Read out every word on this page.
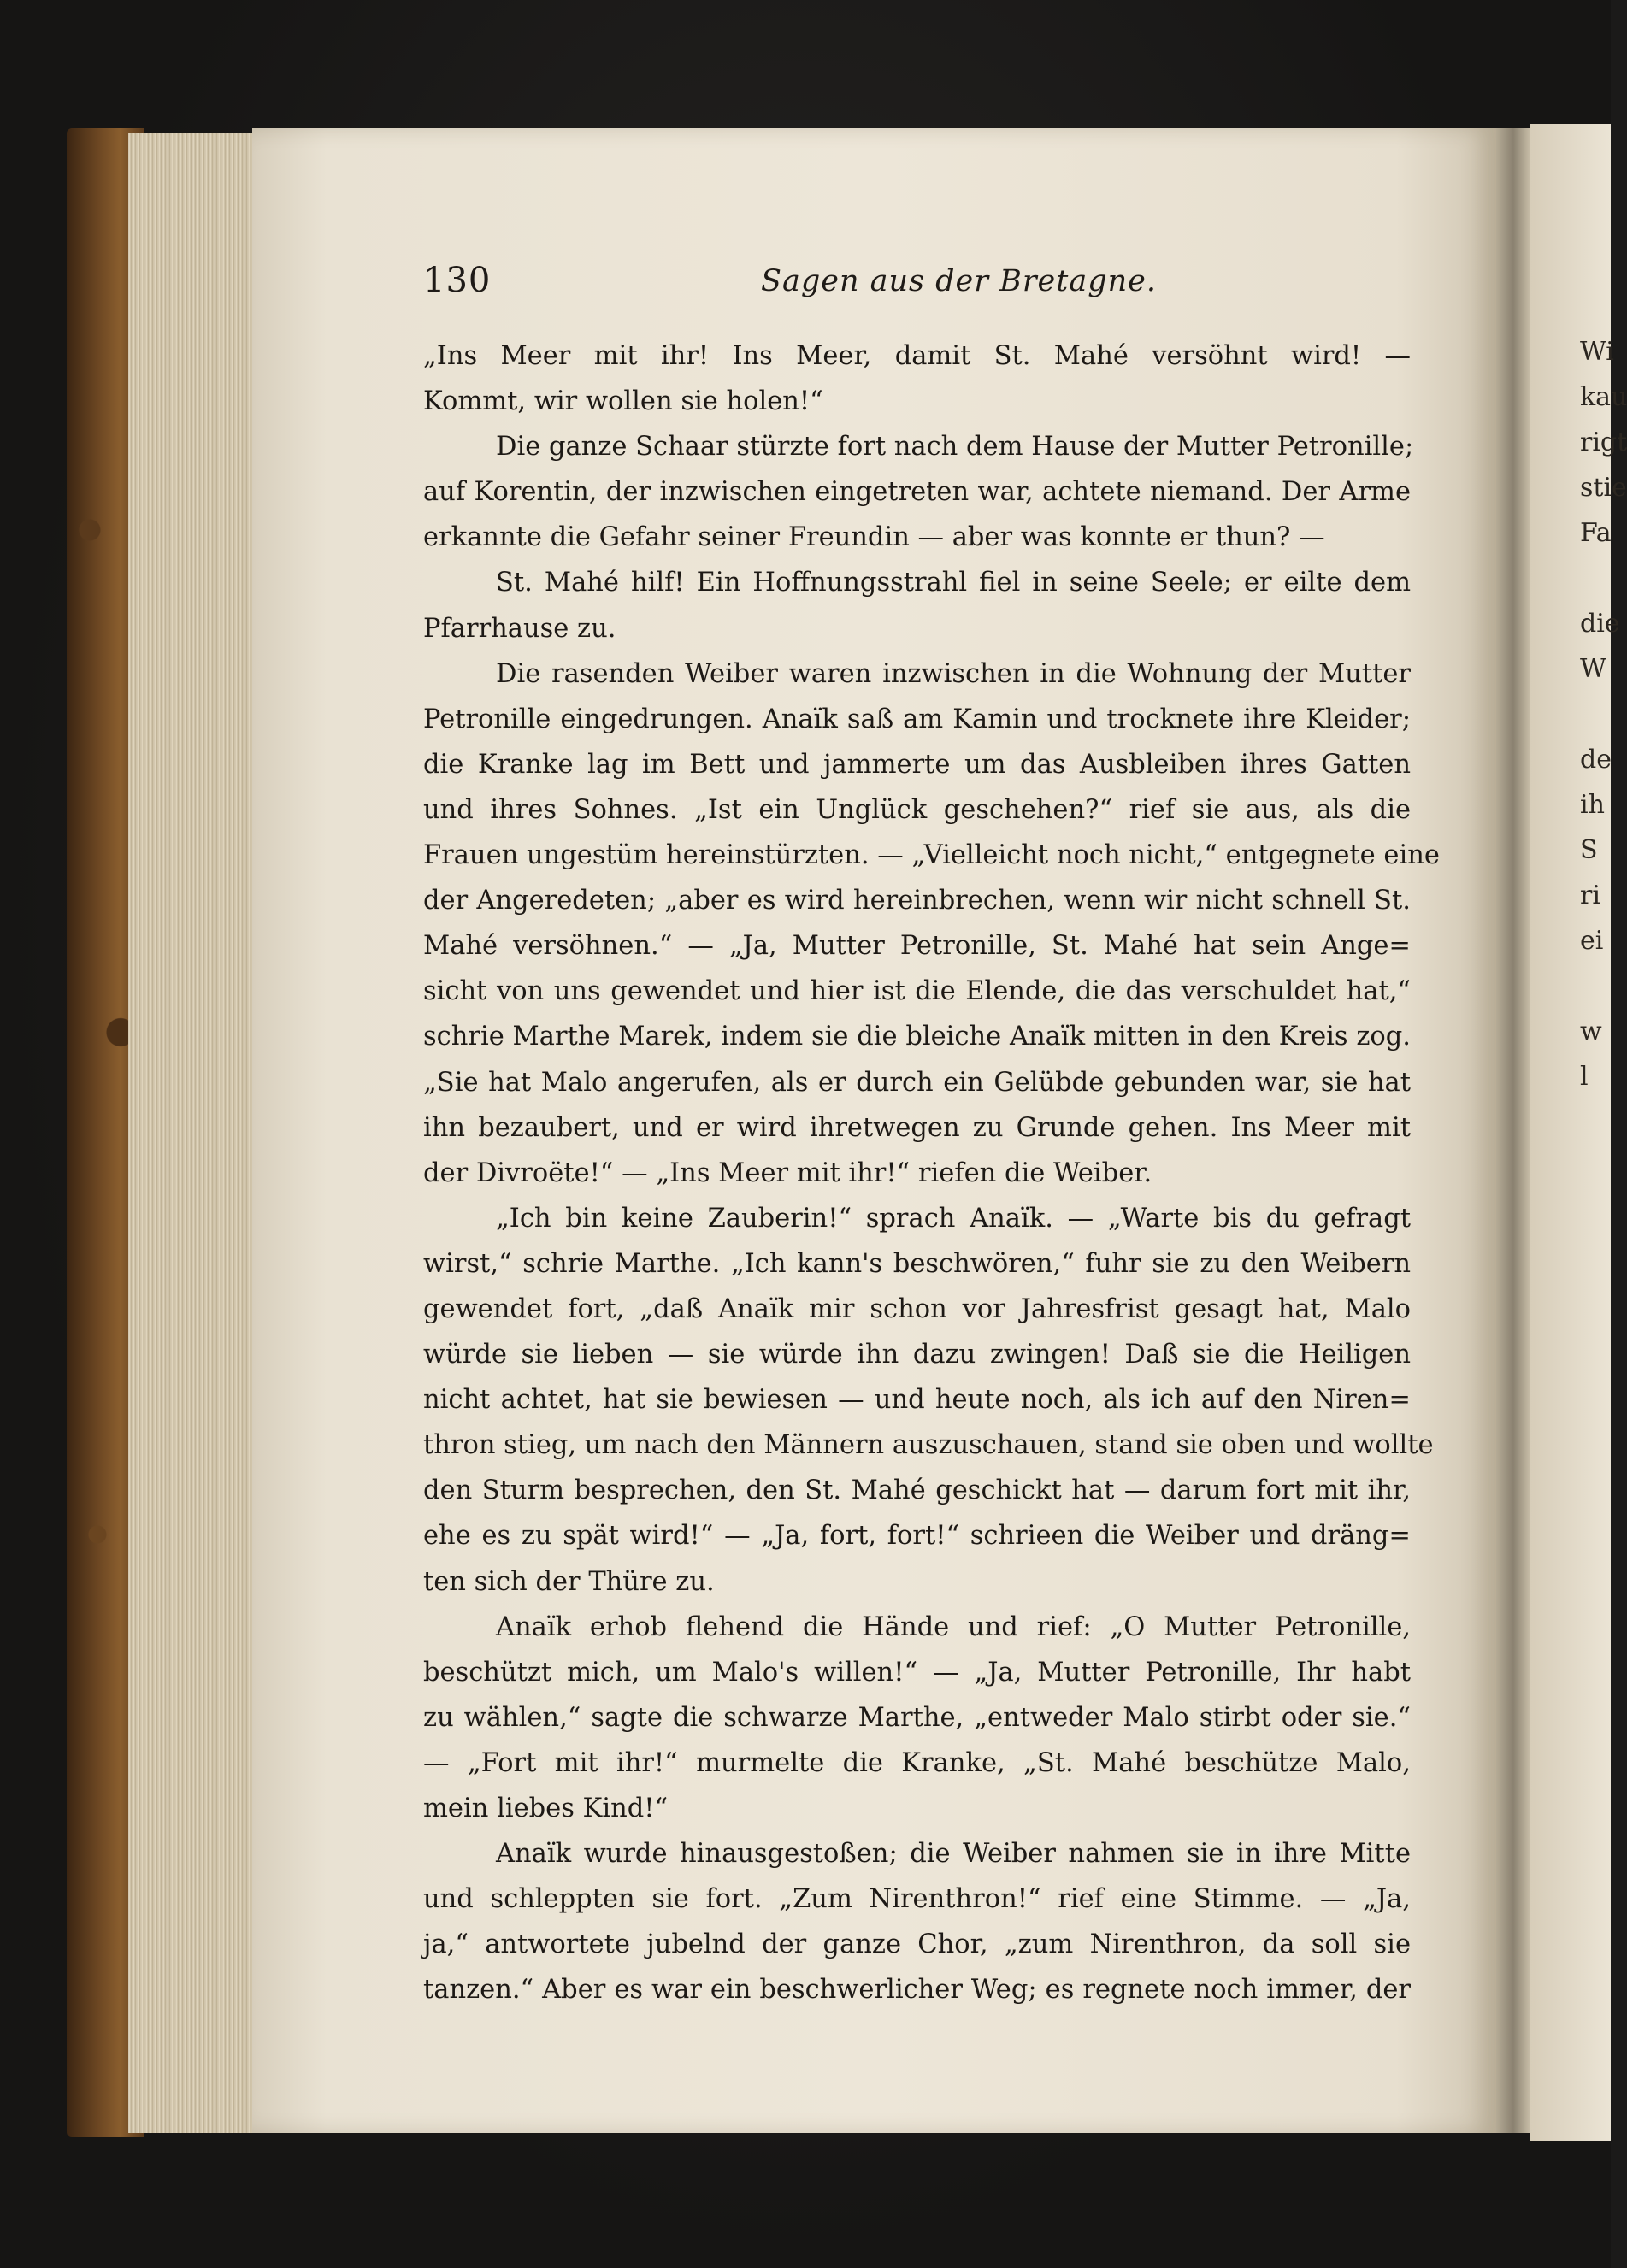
Wi
kau
rigt
stie
Fa

die
W

de
ih
S
ri
ei

w
l
130	Sagen aus der Bretagne.
„Ins Meer mit ihr! Ins Meer, damit St. Mahé versöhnt wird! —
Kommt, wir wollen sie holen!“
Die ganze Schaar stürzte fort nach dem Hause der Mutter Petronille;
auf Korentin, der inzwischen eingetreten war, achtete niemand. Der Arme
erkannte die Gefahr seiner Freundin — aber was konnte er thun? —
St. Mahé hilf! Ein Hoffnungsstrahl fiel in seine Seele; er eilte dem
Pfarrhause zu.
Die rasenden Weiber waren inzwischen in die Wohnung der Mutter
Petronille eingedrungen. Anaïk saß am Kamin und trocknete ihre Kleider;
die Kranke lag im Bett und jammerte um das Ausbleiben ihres Gatten
und ihres Sohnes. „Ist ein Unglück geschehen?“ rief sie aus, als die
Frauen ungestüm hereinstürzten. — „Vielleicht noch nicht,“ entgegnete eine
der Angeredeten; „aber es wird hereinbrechen, wenn wir nicht schnell St.
Mahé versöhnen.“ — „Ja, Mutter Petronille, St. Mahé hat sein Ange=
sicht von uns gewendet und hier ist die Elende, die das verschuldet hat,“
schrie Marthe Marek, indem sie die bleiche Anaïk mitten in den Kreis zog.
„Sie hat Malo angerufen, als er durch ein Gelübde gebunden war, sie hat
ihn bezaubert, und er wird ihretwegen zu Grunde gehen. Ins Meer mit
der Divroëte!“ — „Ins Meer mit ihr!“ riefen die Weiber.
„Ich bin keine Zauberin!“ sprach Anaïk. — „Warte bis du gefragt
wirst,“ schrie Marthe. „Ich kann's beschwören,“ fuhr sie zu den Weibern
gewendet fort, „daß Anaïk mir schon vor Jahresfrist gesagt hat, Malo
würde sie lieben — sie würde ihn dazu zwingen! Daß sie die Heiligen
nicht achtet, hat sie bewiesen — und heute noch, als ich auf den Niren=
thron stieg, um nach den Männern auszuschauen, stand sie oben und wollte
den Sturm besprechen, den St. Mahé geschickt hat — darum fort mit ihr,
ehe es zu spät wird!“ — „Ja, fort, fort!“ schrieen die Weiber und dräng=
ten sich der Thüre zu.
Anaïk erhob flehend die Hände und rief: „O Mutter Petronille,
beschützt mich, um Malo's willen!“ — „Ja, Mutter Petronille, Ihr habt
zu wählen,“ sagte die schwarze Marthe, „entweder Malo stirbt oder sie.“
— „Fort mit ihr!“ murmelte die Kranke, „St. Mahé beschütze Malo,
mein liebes Kind!“
Anaïk wurde hinausgestoßen; die Weiber nahmen sie in ihre Mitte
und schleppten sie fort. „Zum Nirenthron!“ rief eine Stimme. — „Ja,
ja,“ antwortete jubelnd der ganze Chor, „zum Nirenthron, da soll sie
tanzen.“ Aber es war ein beschwerlicher Weg; es regnete noch immer, der
